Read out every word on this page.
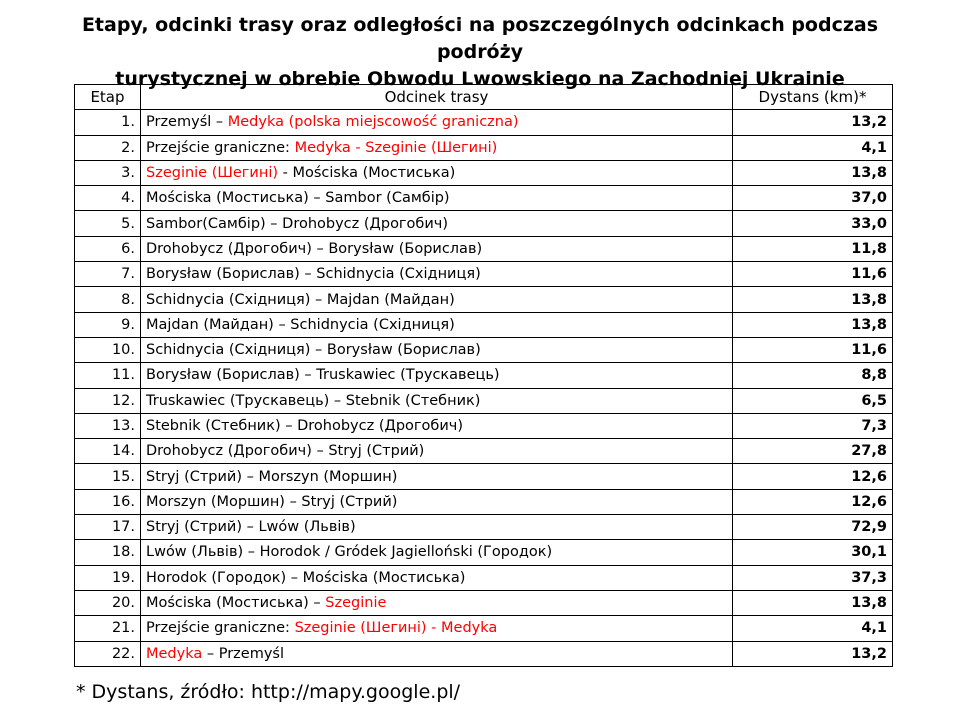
Etapy, odcinki trasy oraz odległości na poszczególnych odcinkach podczas podróży
turystycznej w obrebie Obwodu Lwowskiego na Zachodniej Ukrainie
Etap	Odcinek trasy	Dystans (km)*
1.	Przemyśl – Medyka (polska miejscowość graniczna)	13,2
2.	Przejście graniczne: Medyka - Szeginie (Шегині)	4,1
3.	Szeginie (Шегині) - Mościska (Мостиська)	13,8
4.	Mościska (Мостиська) – Sambor (Самбір)	37,0
5.	Sambor(Самбір) – Drohobycz (Дрогобич)	33,0
6.	Drohobycz (Дрогобич) – Borysław (Борислав)	11,8
7.	Borysław (Борислав) – Schidnycia (Східниця)	11,6
8.	Schidnycia (Східниця) – Majdan (Майдан)	13,8
9.	Majdan (Майдан) – Schidnycia (Східниця)	13,8
10.	Schidnycia (Східниця) – Borysław (Борислав)	11,6
11.	Borysław (Борислав) – Truskawiec (Трускавець)	8,8
12.	Truskawiec (Трускавець) – Stebnik (Стебник)	6,5
13.	Stebnik (Стебник) – Drohobycz (Дрогобич)	7,3
14.	Drohobycz (Дрогобич) – Stryj (Стрий)	27,8
15.	Stryj (Стрий) – Morszyn (Моршин)	12,6
16.	Morszyn (Моршин) – Stryj (Стрий)	12,6
17.	Stryj (Стрий) – Lwów (Львів)	72,9
18.	Lwów (Львів) – Horodok / Gródek Jagielloński (Городок)	30,1
19.	Horodok (Городок) – Mościska (Мостиська)	37,3
20.	Mościska (Мостиська) – Szeginie	13,8
21.	Przejście graniczne: Szeginie (Шегині) - Medyka	4,1
22.	Medyka – Przemyśl	13,2
* Dystans, źródło: http://mapy.google.pl/
